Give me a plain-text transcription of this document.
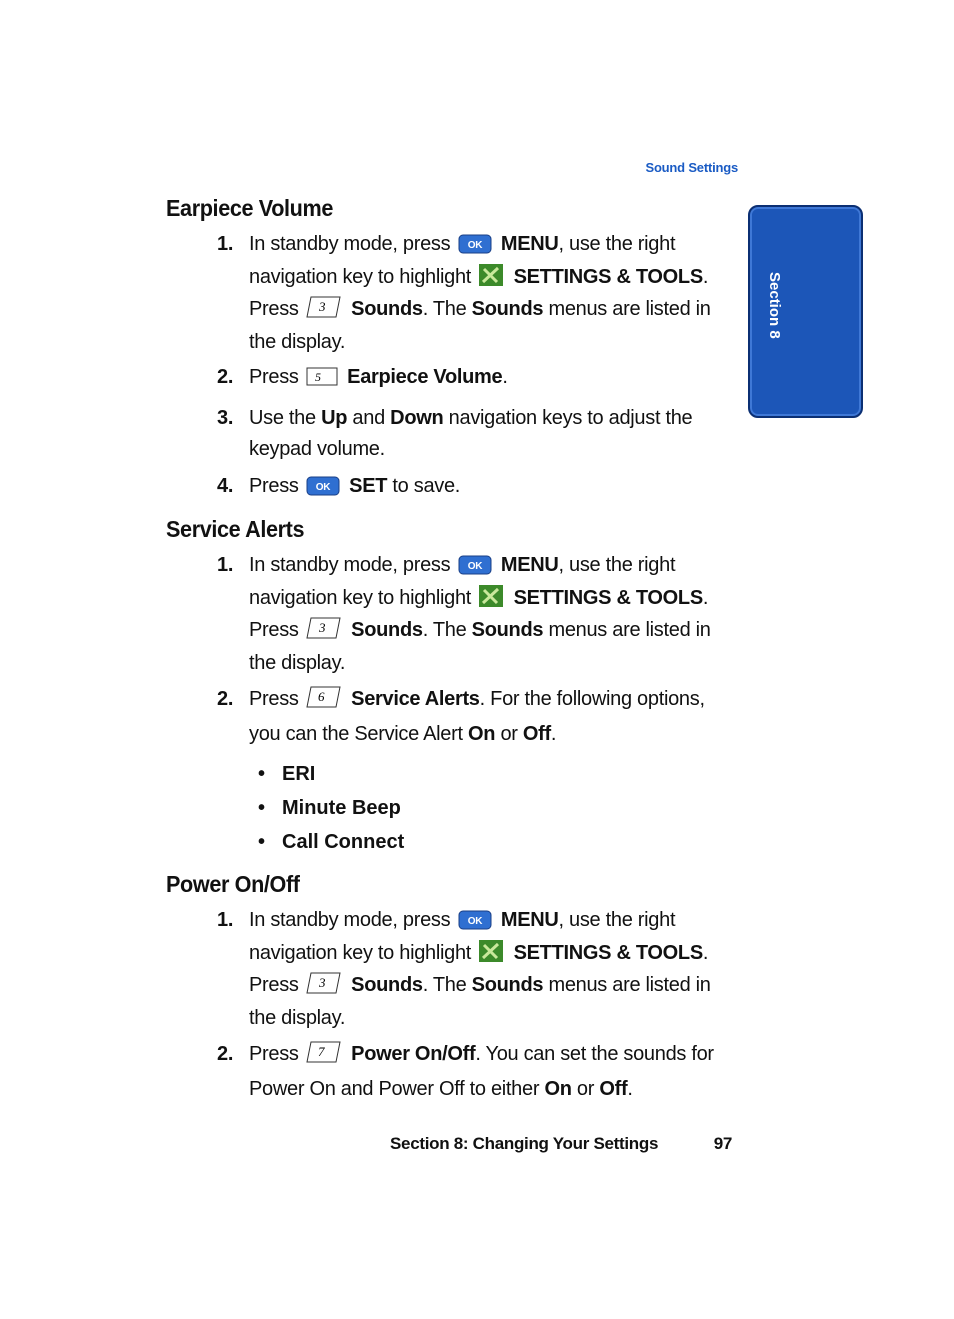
Sound Settings
Section 8
Earpiece Volume
1. In standby mode, press OK MENU, use the right navigation key to highlight SETTINGS & TOOLS. Press 3 Sounds. The Sounds menus are listed in the display.
2. Press 5 Earpiece Volume.
3. Use the Up and Down navigation keys to adjust the keypad volume.
4. Press OK SET to save.
Service Alerts
1. In standby mode, press OK MENU, use the right navigation key to highlight SETTINGS & TOOLS. Press 3 Sounds. The Sounds menus are listed in the display.
2. Press 6 Service Alerts. For the following options, you can the Service Alert On or Off.
• ERI
• Minute Beep
• Call Connect
Power On/Off
1. In standby mode, press OK MENU, use the right navigation key to highlight SETTINGS & TOOLS. Press 3 Sounds. The Sounds menus are listed in the display.
2. Press 7 Power On/Off. You can set the sounds for Power On and Power Off to either On or Off.
Section 8: Changing Your Settings	97
